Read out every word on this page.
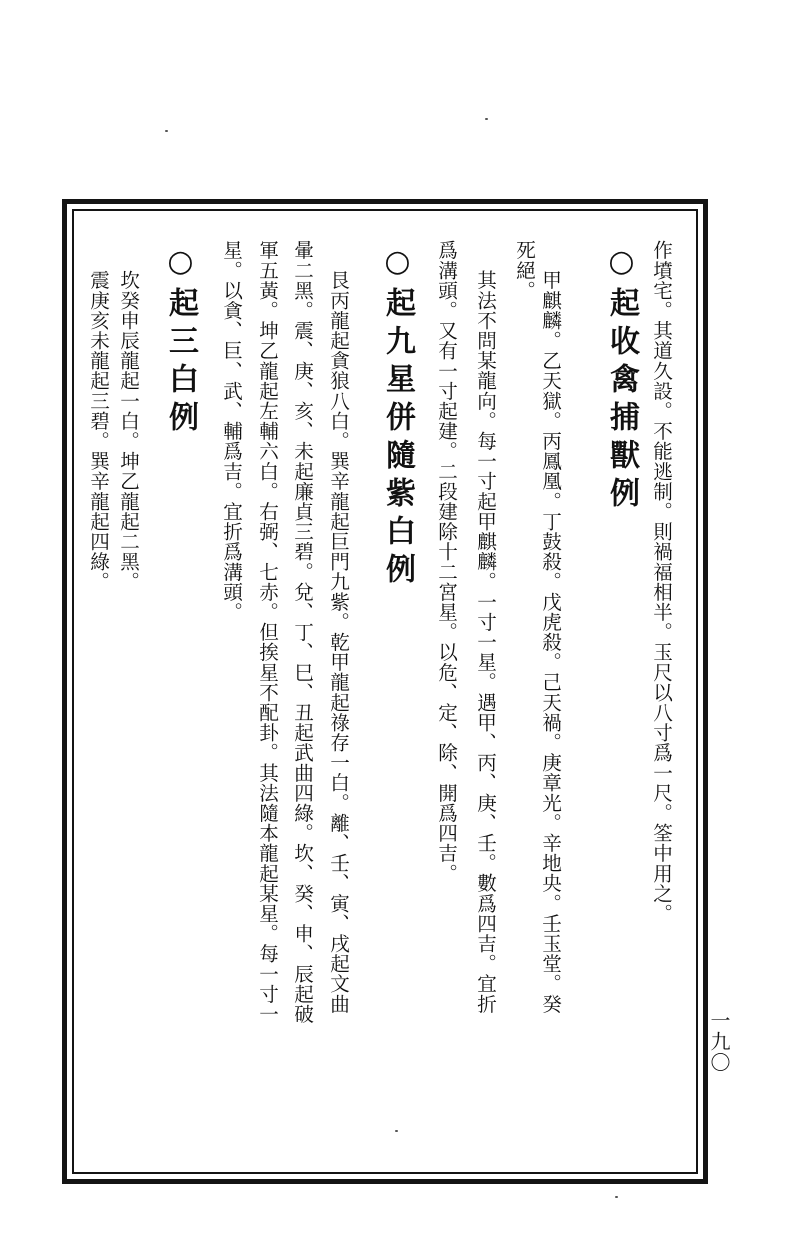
作墳宅。其道久設。不能逃制。則禍福相半。玉尺以八寸爲一尺。筌中用之。
○起收禽捕獸例
甲麒麟。乙天獄。丙鳳凰。丁鼓殺。戊虎殺。己天禍。庚章光。辛地央。壬玉堂。癸
死絕。
其法不問某龍向。每一寸起甲麒麟。一寸一星。遇甲、丙、庚、壬。數爲四吉。宜折
爲溝頭。又有一寸起建。二段建除十二宮星。以危、定、除、開爲四吉。
○起九星併隨紫白例
艮丙龍起貪狼八白。巽辛龍起巨門九紫。乾甲龍起祿存一白。離、壬、寅、戌起文曲
暈二黑。震、庚、亥、未起廉貞三碧。兌、丁、巳、丑起武曲四綠。坎、癸、申、辰起破
軍五黃。坤乙龍起左輔六白。右弼、七赤。但挨星不配卦。其法隨本龍起某星。每一寸一
星。以貪、巨、武、輔爲吉。宜折爲溝頭。
○起三白例
坎癸申辰龍起一白。坤乙龍起二黑。
震庚亥未龍起三碧。巽辛龍起四綠。
一九〇
